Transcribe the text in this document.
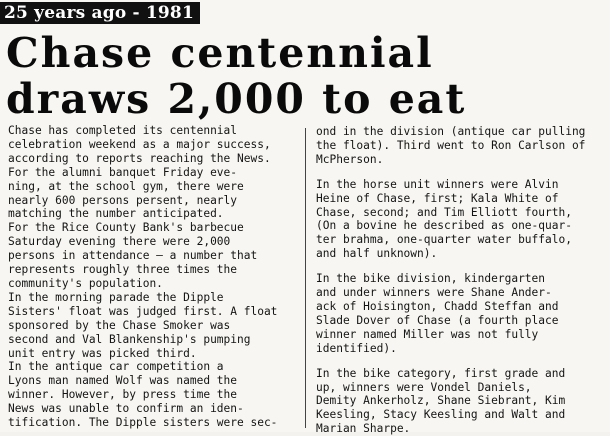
25 years ago - 1981
Chase centennial
draws 2,000 to eat

Chase has completed its centennial
celebration weekend as a major success,
according to reports reaching the News.

For the alumni banquet Friday eve-
ning, at the school gym, there were
nearly 600 persons persent, nearly
matching the number anticipated.

For the Rice County Bank's barbecue
Saturday evening there were 2,000
persons in attendance — a number that
represents roughly three times the
community's population.

In the morning parade the Dipple
Sisters' float was judged first. A float
sponsored by the Chase Smoker was
second and Val Blankenship's pumping
unit entry was picked third.

In the antique car competition a
Lyons man named Wolf was named the
winner. However, by press time the
News was unable to confirm an iden-
tification. The Dipple sisters were sec-

ond in the division (antique car pulling
the float). Third went to Ron Carlson of
McPherson.

In the horse unit winners were Alvin
Heine of Chase, first; Kala White of
Chase, second; and Tim Elliott fourth,
(On a bovine he described as one-quar-
ter brahma, one-quarter water buffalo,
and half unknown).

In the bike division, kindergarten
and under winners were Shane Ander-
ack of Hoisington, Chadd Steffan and
Slade Dover of Chase (a fourth place
winner named Miller was not fully
identified).

In the bike category, first grade and
up, winners were Vondel Daniels,
Demity Ankerholz, Shane Siebrant, Kim
Keesling, Stacy Keesling and Walt and
Marian Sharpe.
